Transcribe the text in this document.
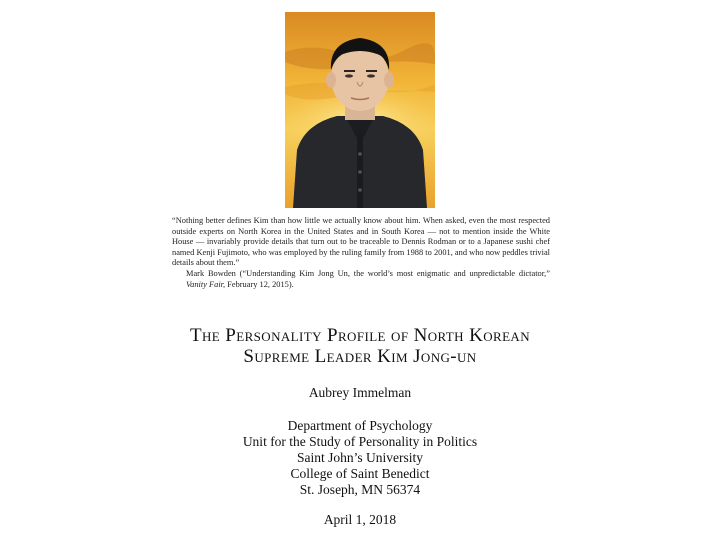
“Nothing better defines Kim than how little we actually know about him. When asked, even the most respected outside experts on North Korea in the United States and in South Korea — not to mention inside the White House — invariably provide details that turn out to be traceable to Dennis Rodman or to a Japanese sushi chef named Kenji Fujimoto, who was employed by the ruling family from 1988 to 2001, and who now peddles trivial details about them.”

Mark Bowden (“Understanding Kim Jong Un, the world’s most enigmatic and unpredictable dictator,” Vanity Fair, February 12, 2015).

The Personality Profile of North Korean
Supreme Leader Kim Jong-un
Aubrey Immelman
Department of Psychology
Unit for the Study of Personality in Politics
Saint John’s University
College of Saint Benedict
St. Joseph, MN 56374
April 1, 2018
